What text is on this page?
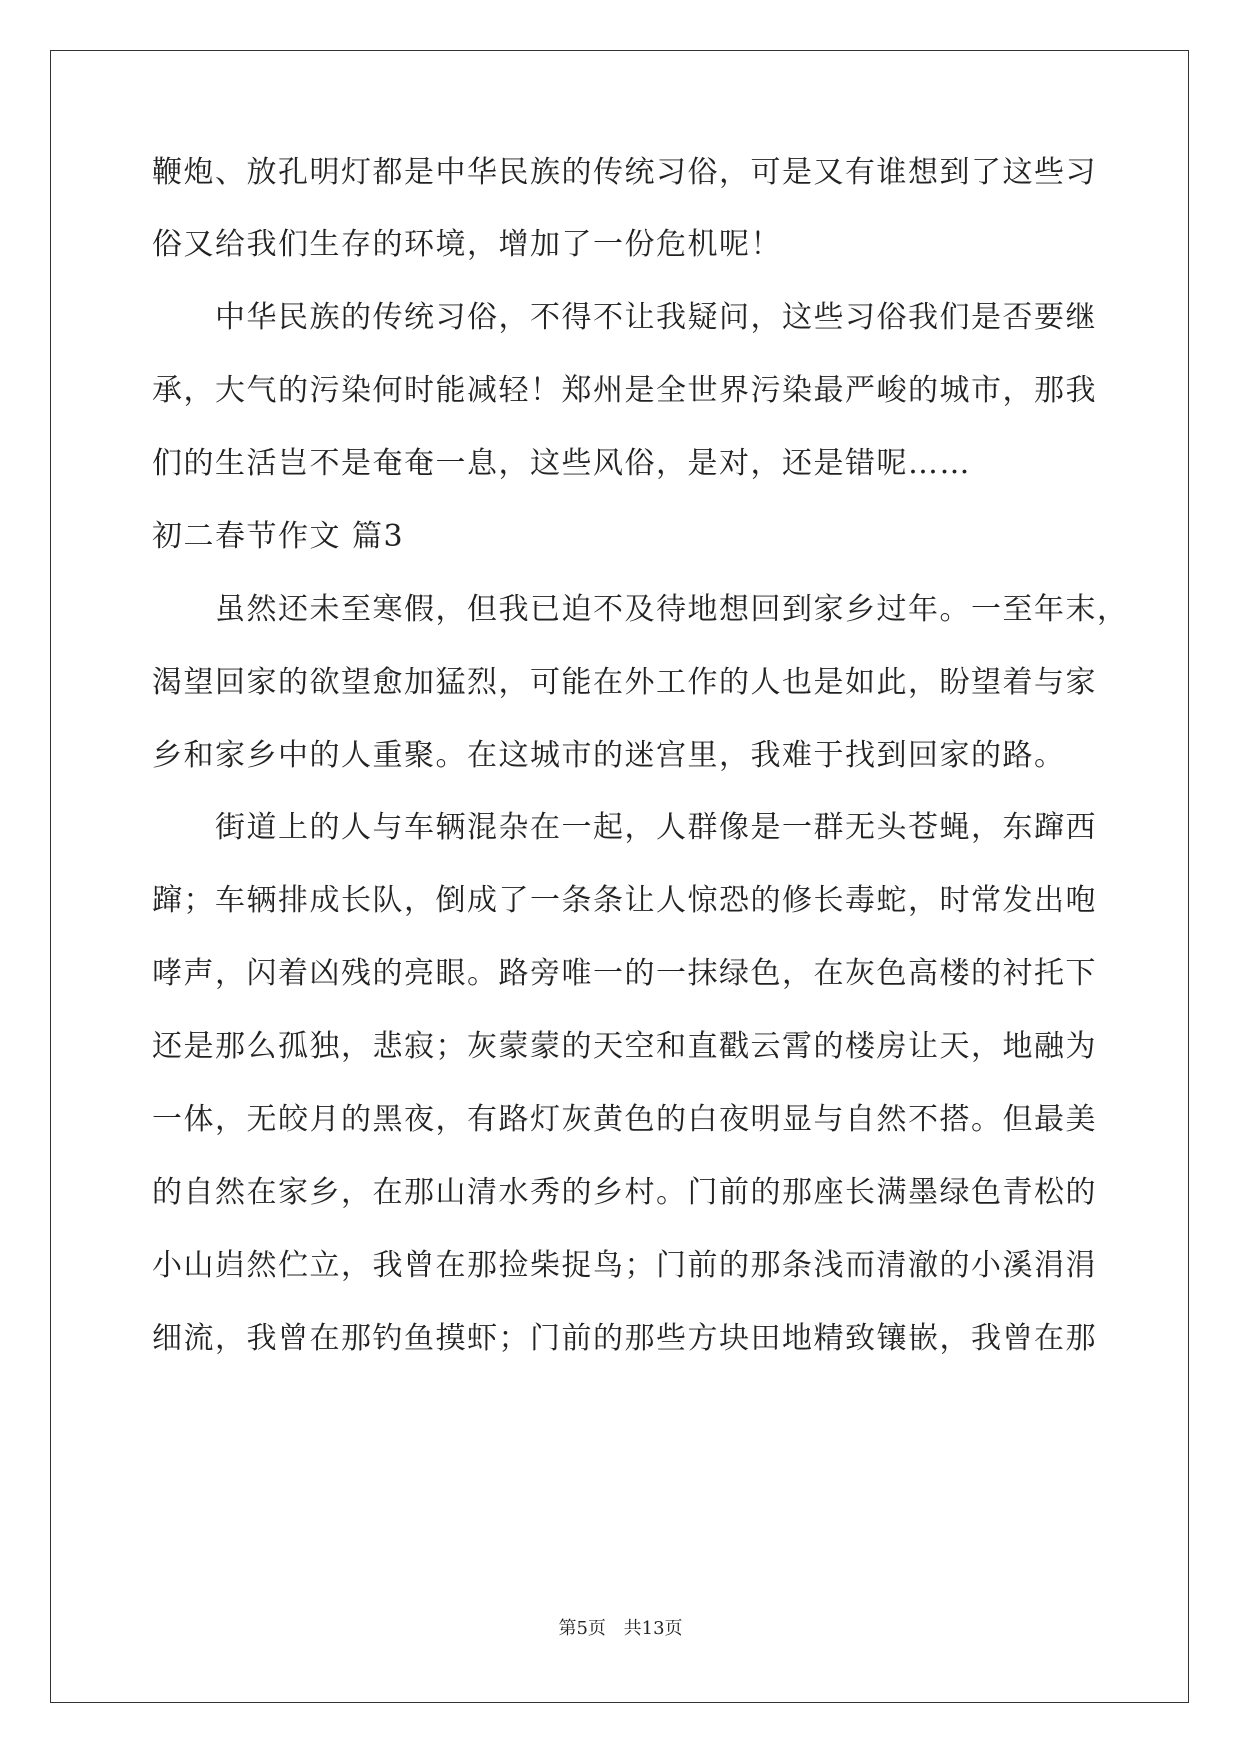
鞭炮、放孔明灯都是中华民族的传统习俗，可是又有谁想到了这些习
俗又给我们生存的环境，增加了一份危机呢！
中华民族的传统习俗，不得不让我疑问，这些习俗我们是否要继
承，大气的污染何时能减轻！郑州是全世界污染最严峻的城市，那我
们的生活岂不是奄奄一息，这些风俗，是对，还是错呢……
初二春节作文 篇3
虽然还未至寒假，但我已迫不及待地想回到家乡过年。一至年末，
渴望回家的欲望愈加猛烈，可能在外工作的人也是如此，盼望着与家
乡和家乡中的人重聚。在这城市的迷宫里，我难于找到回家的路。
街道上的人与车辆混杂在一起，人群像是一群无头苍蝇，东蹿西
蹿；车辆排成长队，倒成了一条条让人惊恐的修长毒蛇，时常发出咆
哮声，闪着凶残的亮眼。路旁唯一的一抹绿色，在灰色高楼的衬托下
还是那么孤独，悲寂；灰蒙蒙的天空和直戳云霄的楼房让天，地融为
一体，无皎月的黑夜，有路灯灰黄色的白夜明显与自然不搭。但最美
的自然在家乡，在那山清水秀的乡村。门前的那座长满墨绿色青松的
小山岿然伫立，我曾在那捡柴捉鸟；门前的那条浅而清澈的小溪涓涓
细流，我曾在那钓鱼摸虾；门前的那些方块田地精致镶嵌，我曾在那
第5页 共13页
